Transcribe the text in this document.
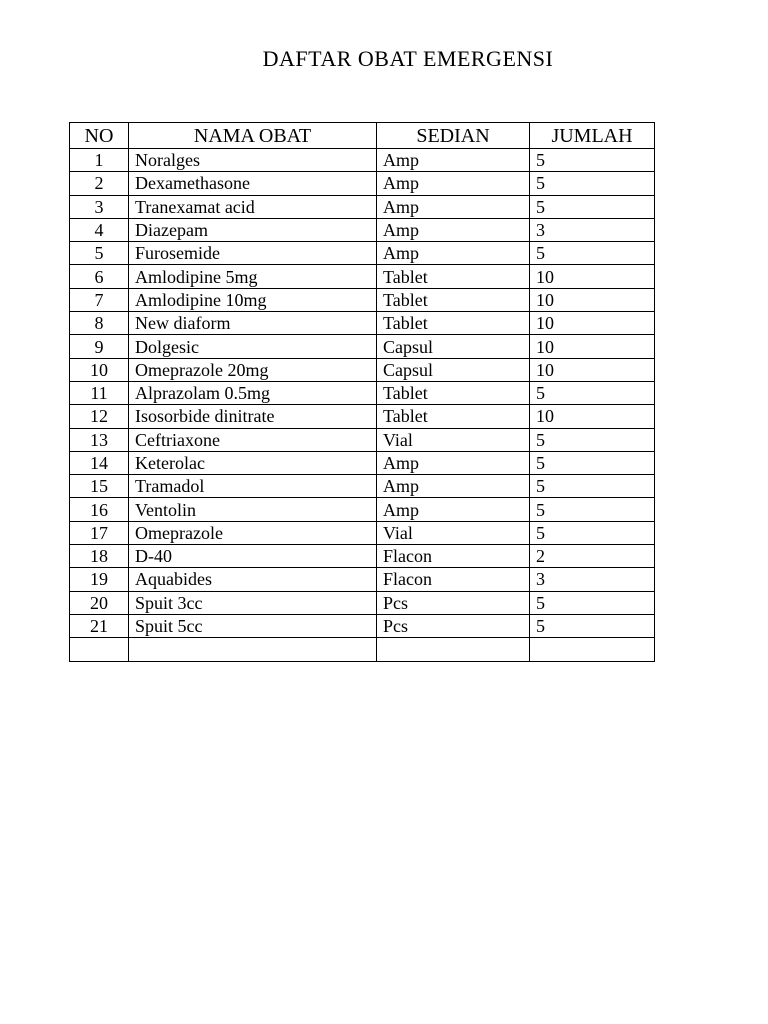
DAFTAR OBAT EMERGENSI
NO	NAMA OBAT	SEDIAN	JUMLAH
1	Noralges	Amp	5
2	Dexamethasone	Amp	5
3	Tranexamat acid	Amp	5
4	Diazepam	Amp	3
5	Furosemide	Amp	5
6	Amlodipine 5mg	Tablet	10
7	Amlodipine 10mg	Tablet	10
8	New diaform	Tablet	10
9	Dolgesic	Capsul	10
10	Omeprazole 20mg	Capsul	10
11	Alprazolam 0.5mg	Tablet	5
12	Isosorbide dinitrate	Tablet	10
13	Ceftriaxone	Vial	5
14	Keterolac	Amp	5
15	Tramadol	Amp	5
16	Ventolin	Amp	5
17	Omeprazole	Vial	5
18	D-40	Flacon	2
19	Aquabides	Flacon	3
20	Spuit 3cc	Pcs	5
21	Spuit 5cc	Pcs	5
